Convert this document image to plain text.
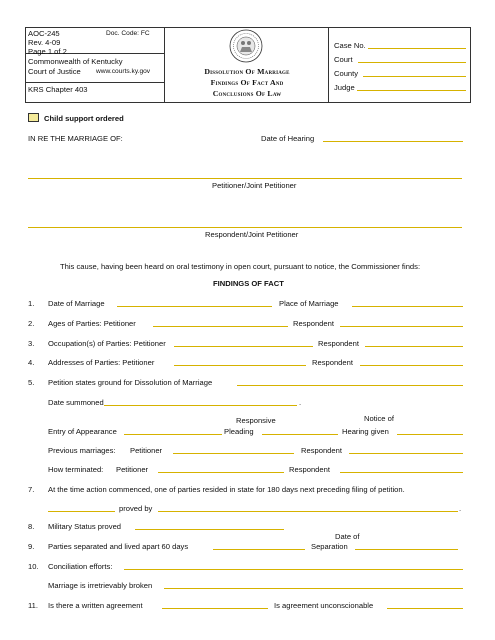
AOC-245	Doc. Code: FC
Rev. 4-09
Page 1 of 2
Commonwealth of Kentucky
Court of Justice www.courts.ky.gov
KRS Chapter 403
Dissolution Of Marriage
Findings Of Fact And
Conclusions Of Law
Case No.
Court
County
Judge
Child support ordered
IN RE THE MARRIAGE OF:	Date of Hearing
Petitioner/Joint Petitioner
Respondent/Joint Petitioner
This cause, having been heard on oral testimony in open court, pursuant to notice, the Commissioner finds:
FINDINGS OF FACT
1. Date of Marriage	Place of Marriage
2. Ages of Parties: Petitioner	Respondent
3. Occupation(s) of Parties: Petitioner	Respondent
4. Addresses of Parties: Petitioner	Respondent
5. Petition states ground for Dissolution of Marriage
Date summoned	.
Responsive	Notice of
Entry of Appearance	Pleading	Hearing given
Previous marriages: Petitioner	Respondent
How terminated: Petitioner	Respondent
7. At the time action commenced, one of parties resided in state for 180 days next preceding filing of petition.
proved by	.
8. Military Status proved
Date of
9. Parties separated and lived apart 60 days	Separation
10. Conciliation efforts:
Marriage is irretrievably broken
11. Is there a written agreement	Is agreement unconscionable
